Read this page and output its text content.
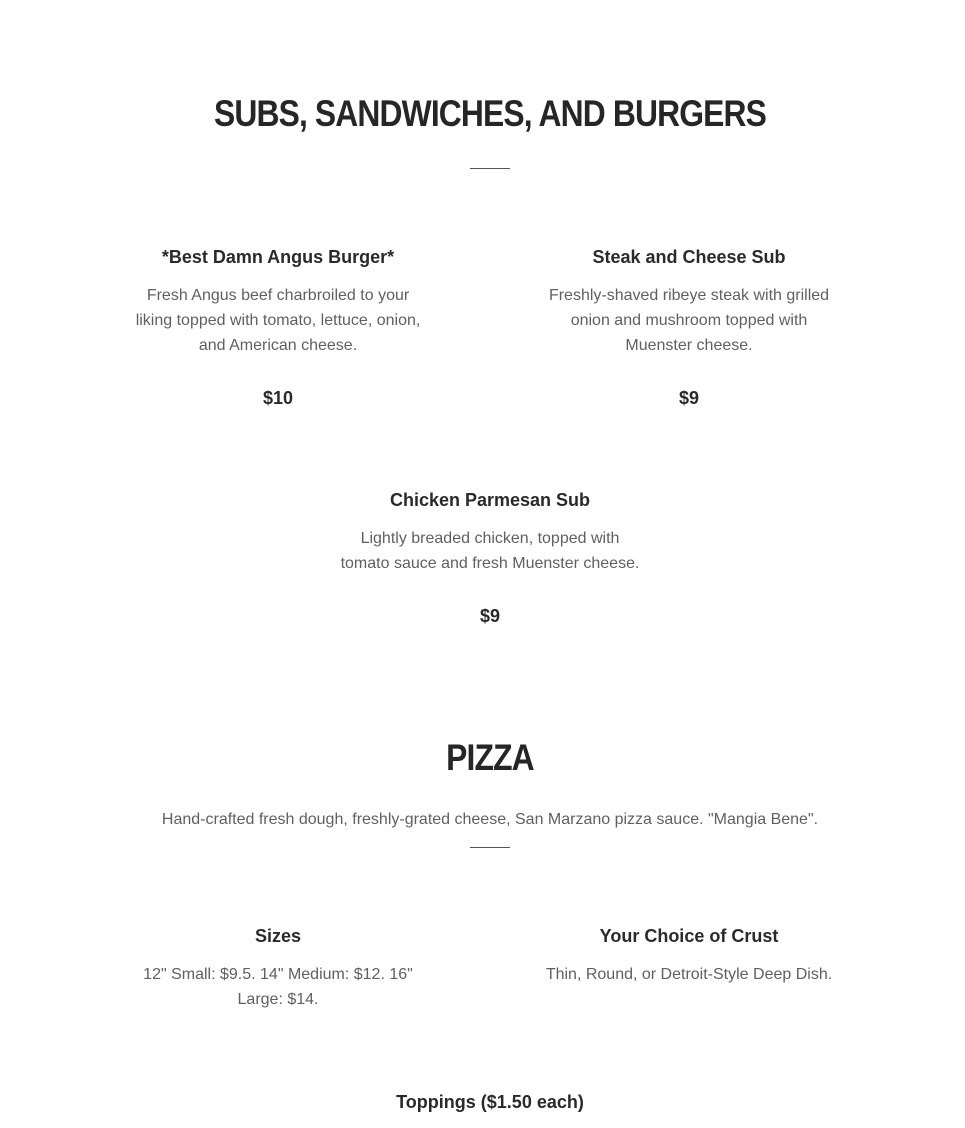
SUBS, SANDWICHES, AND BURGERS
*Best Damn Angus Burger*
Fresh Angus beef charbroiled to your liking topped with tomato, lettuce, onion, and American cheese.
$10
Steak and Cheese Sub
Freshly-shaved ribeye steak with grilled onion and mushroom topped with Muenster cheese.
$9
Chicken Parmesan Sub
Lightly breaded chicken, topped with tomato sauce and fresh Muenster cheese.
$9
PIZZA
Hand-crafted fresh dough, freshly-grated cheese, San Marzano pizza sauce. "Mangia Bene".
Sizes
12" Small: $9.5. 14" Medium: $12. 16" Large: $14.
Your Choice of Crust
Thin, Round, or Detroit-Style Deep Dish.
Toppings ($1.50 each)
